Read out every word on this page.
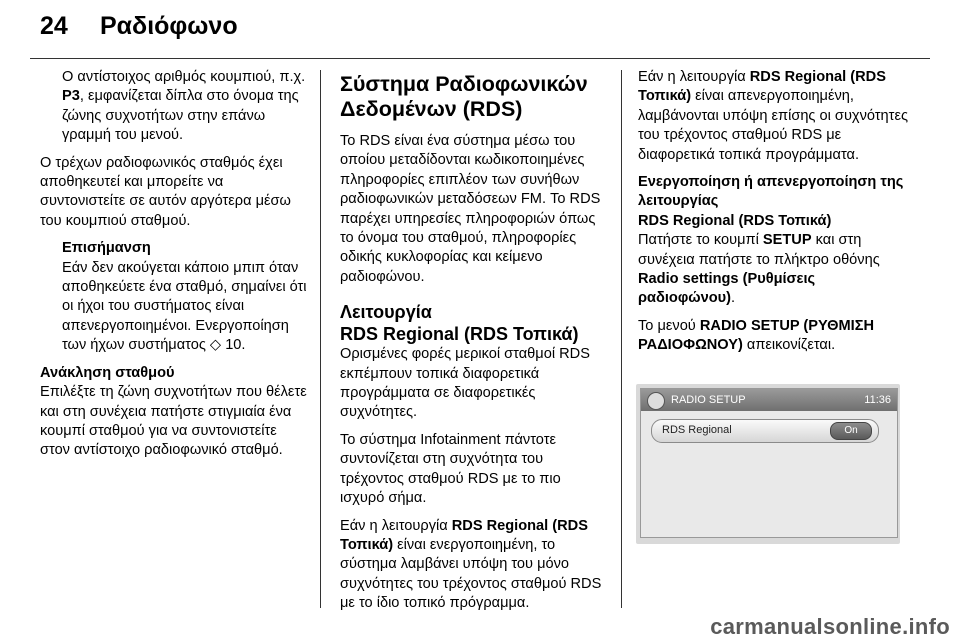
24 Ραδιόφωνο

Ο αντίστοιχος αριθμός κουμπιού, π.χ. P3, εμφανίζεται δίπλα στο όνομα της ζώνης συχνοτήτων στην επάνω γραμμή του μενού.

Ο τρέχων ραδιοφωνικός σταθμός έχει αποθηκευτεί και μπορείτε να συντονιστείτε σε αυτόν αργότερα μέσω του κουμπιού σταθμού.

Επισήμανση
Εάν δεν ακούγεται κάποιο μπιπ όταν αποθηκεύετε ένα σταθμό, σημαίνει ότι οι ήχοι του συστήματος είναι απενεργοποιημένοι. Ενεργοποίηση των ήχων συστήματος ◇ 10.
Ανάκληση σταθμού

Επιλέξτε τη ζώνη συχνοτήτων που θέλετε και στη συνέχεια πατήστε στιγμιαία ένα κουμπί σταθμού για να συντονιστείτε στον αντίστοιχο ραδιοφωνικό σταθμό.

Σύστημα Ραδιοφωνικών Δεδομένων (RDS)

Το RDS είναι ένα σύστημα μέσω του οποίου μεταδίδονται κωδικοποιημένες πληροφορίες επιπλέον των συνήθων ραδιοφωνικών μεταδόσεων FM. Το RDS παρέχει υπηρεσίες πληροφοριών όπως το όνομα του σταθμού, πληροφορίες οδικής κυκλοφορίας και κείμενο ραδιοφώνου.

Λειτουργία
RDS Regional (RDS Τοπικά)

Ορισμένες φορές μερικοί σταθμοί RDS εκπέμπουν τοπικά διαφορετικά προγράμματα σε διαφορετικές συχνότητες.

Το σύστημα Infotainment πάντοτε συντονίζεται στη συχνότητα του τρέχοντος σταθμού RDS με το πιο ισχυρό σήμα.

Εάν η λειτουργία RDS Regional (RDS Τοπικά) είναι ενεργοποιημένη, το σύστημα λαμβάνει υπόψη του μόνο συχνότητες του τρέχοντος σταθμού RDS με το ίδιο τοπικό πρόγραμμα.

Εάν η λειτουργία RDS Regional (RDS Τοπικά) είναι απενεργοποιημένη, λαμβάνονται υπόψη επίσης οι συχνότητες του τρέχοντος σταθμού RDS με διαφορετικά τοπικά προγράμματα.

Ενεργοποίηση ή απενεργοποίηση της λειτουργίας
RDS Regional (RDS Τοπικά)

Πατήστε το κουμπί SETUP και στη συνέχεια πατήστε το πλήκτρο οθόνης Radio settings (Ρυθμίσεις ραδιοφώνου).

Το μενού RADIO SETUP (ΡΥΘΜΙΣΗ ΡΑΔΙΟΦΩΝΟΥ) απεικονίζεται.

RADIO SETUP	11:36
RDS Regional	On
carmanualsonline.info
